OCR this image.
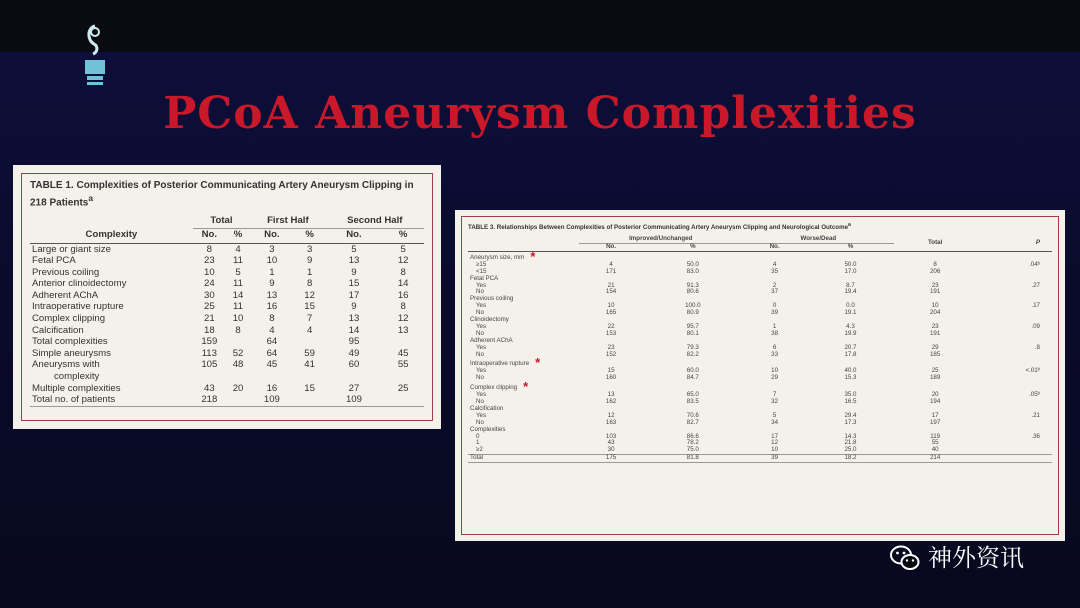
PCoA Aneurysm Complexities
TABLE 1. Complexities of Posterior Communicating Artery Aneurysm Clipping in 218 Patients$^a$
	Total		First Half		Second Half	
Complexity	No.	%	No.	%	No.	%
Large or giant size	8	4	3	3	5	5
Fetal PCA	23	11	10	9	13	12
Previous coiling	10	5	1	1	9	8
Anterior clinoidectomy	24	11	9	8	15	14
Adherent AChA	30	14	13	12	17	16
Intraoperative rupture	25	11	16	15	9	8
Complex clipping	21	10	8	7	13	12
Calcification	18	8	4	4	14	13
Total complexities	159		64		95	
Simple aneurysms	113	52	64	59	49	45
Aneurysms with	105	48	45	41	60	55
complexity						
Multiple complexities	43	20	16	15	27	25
Total no. of patients	218		109		109	
TABLE 3. Relationships Between Complexities of Posterior Communicating Artery Aneurysm Clipping and Neurological Outcome$^a$
	Improved/Unchanged		Worse/Dead		Total	P
	No.	%	No.	%		
Aneurysm size, mm *						
≥15	4	50.0	4	50.0	8	.04ᵇ
<15	171	83.0	35	17.0	206	
Fetal PCA						
Yes	21	91.3	2	8.7	23	.27
No	154	80.6	37	19.4	191	
Previous coiling						
Yes	10	100.0	0	0.0	10	.17
No	165	80.9	39	19.1	204	
Clinoidectomy						
Yes	22	95.7	1	4.3	23	.09
No	153	80.1	38	19.9	191	
Adherent AChA						
Yes	23	79.3	6	20.7	29	.8
No	152	82.2	33	17.8	185	
Intraoperative rupture *						
Yes	15	60.0	10	40.0	25	<.01ᵇ
No	160	84.7	29	15.3	189	
Complex clipping *						
Yes	13	65.0	7	35.0	20	.05ᵇ
No	162	83.5	32	16.5	194	
Calcification						
Yes	12	70.6	5	29.4	17	.21
No	163	82.7	34	17.3	197	
Complexities						
0	103	86.6	17	14.3	119	.36
1	43	78.2	12	21.8	55	
≥2	30	75.0	10	25.0	40	
Total	175	81.8	39	18.2	214	
神外资讯
